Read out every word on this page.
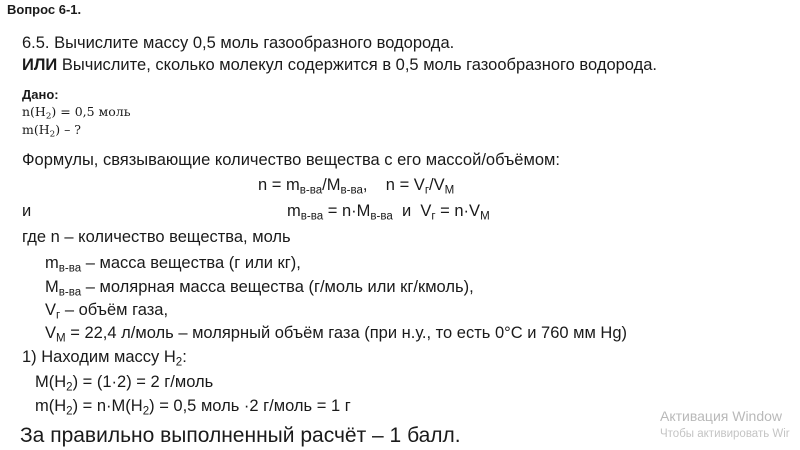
Вопрос 6-1.
6.5. Вычислите массу 0,5 моль газообразного водорода.
ИЛИ Вычислите, сколько молекул содержится в 0,5 моль газообразного водорода.
Дано:
$n(H_2) = 0,5$ моль
$m(H_2)$ – ?
Формулы, связывающие количество вещества с его массой/объёмом:
$n = m_{в-ва}/M_{в-ва}$,    $n = V_г/V_M$
и	$m_{в-ва} = n\cdot M_{в-ва}$  и  $V_г = n\cdot V_M$
где n – количество вещества, моль
$m_{в-ва}$ – масса вещества (г или кг),
$M_{в-ва}$ – молярная масса вещества (г/моль или кг/кмоль),
$V_г$ – объём газа,
$V_M = 22,4$ л/моль – молярный объём газа (при н.у., то есть 0°С и 760 мм Hg)
1) Находим массу $H_2$:
$M(H_2) = (1\cdot 2) = 2$ г/моль
$m(H_2) = n\cdot M(H_2) = 0,5$ моль ·2 г/моль = 1 г
За правильно выполненный расчёт – 1 балл.
Активация Window
Чтобы активировать Wir
